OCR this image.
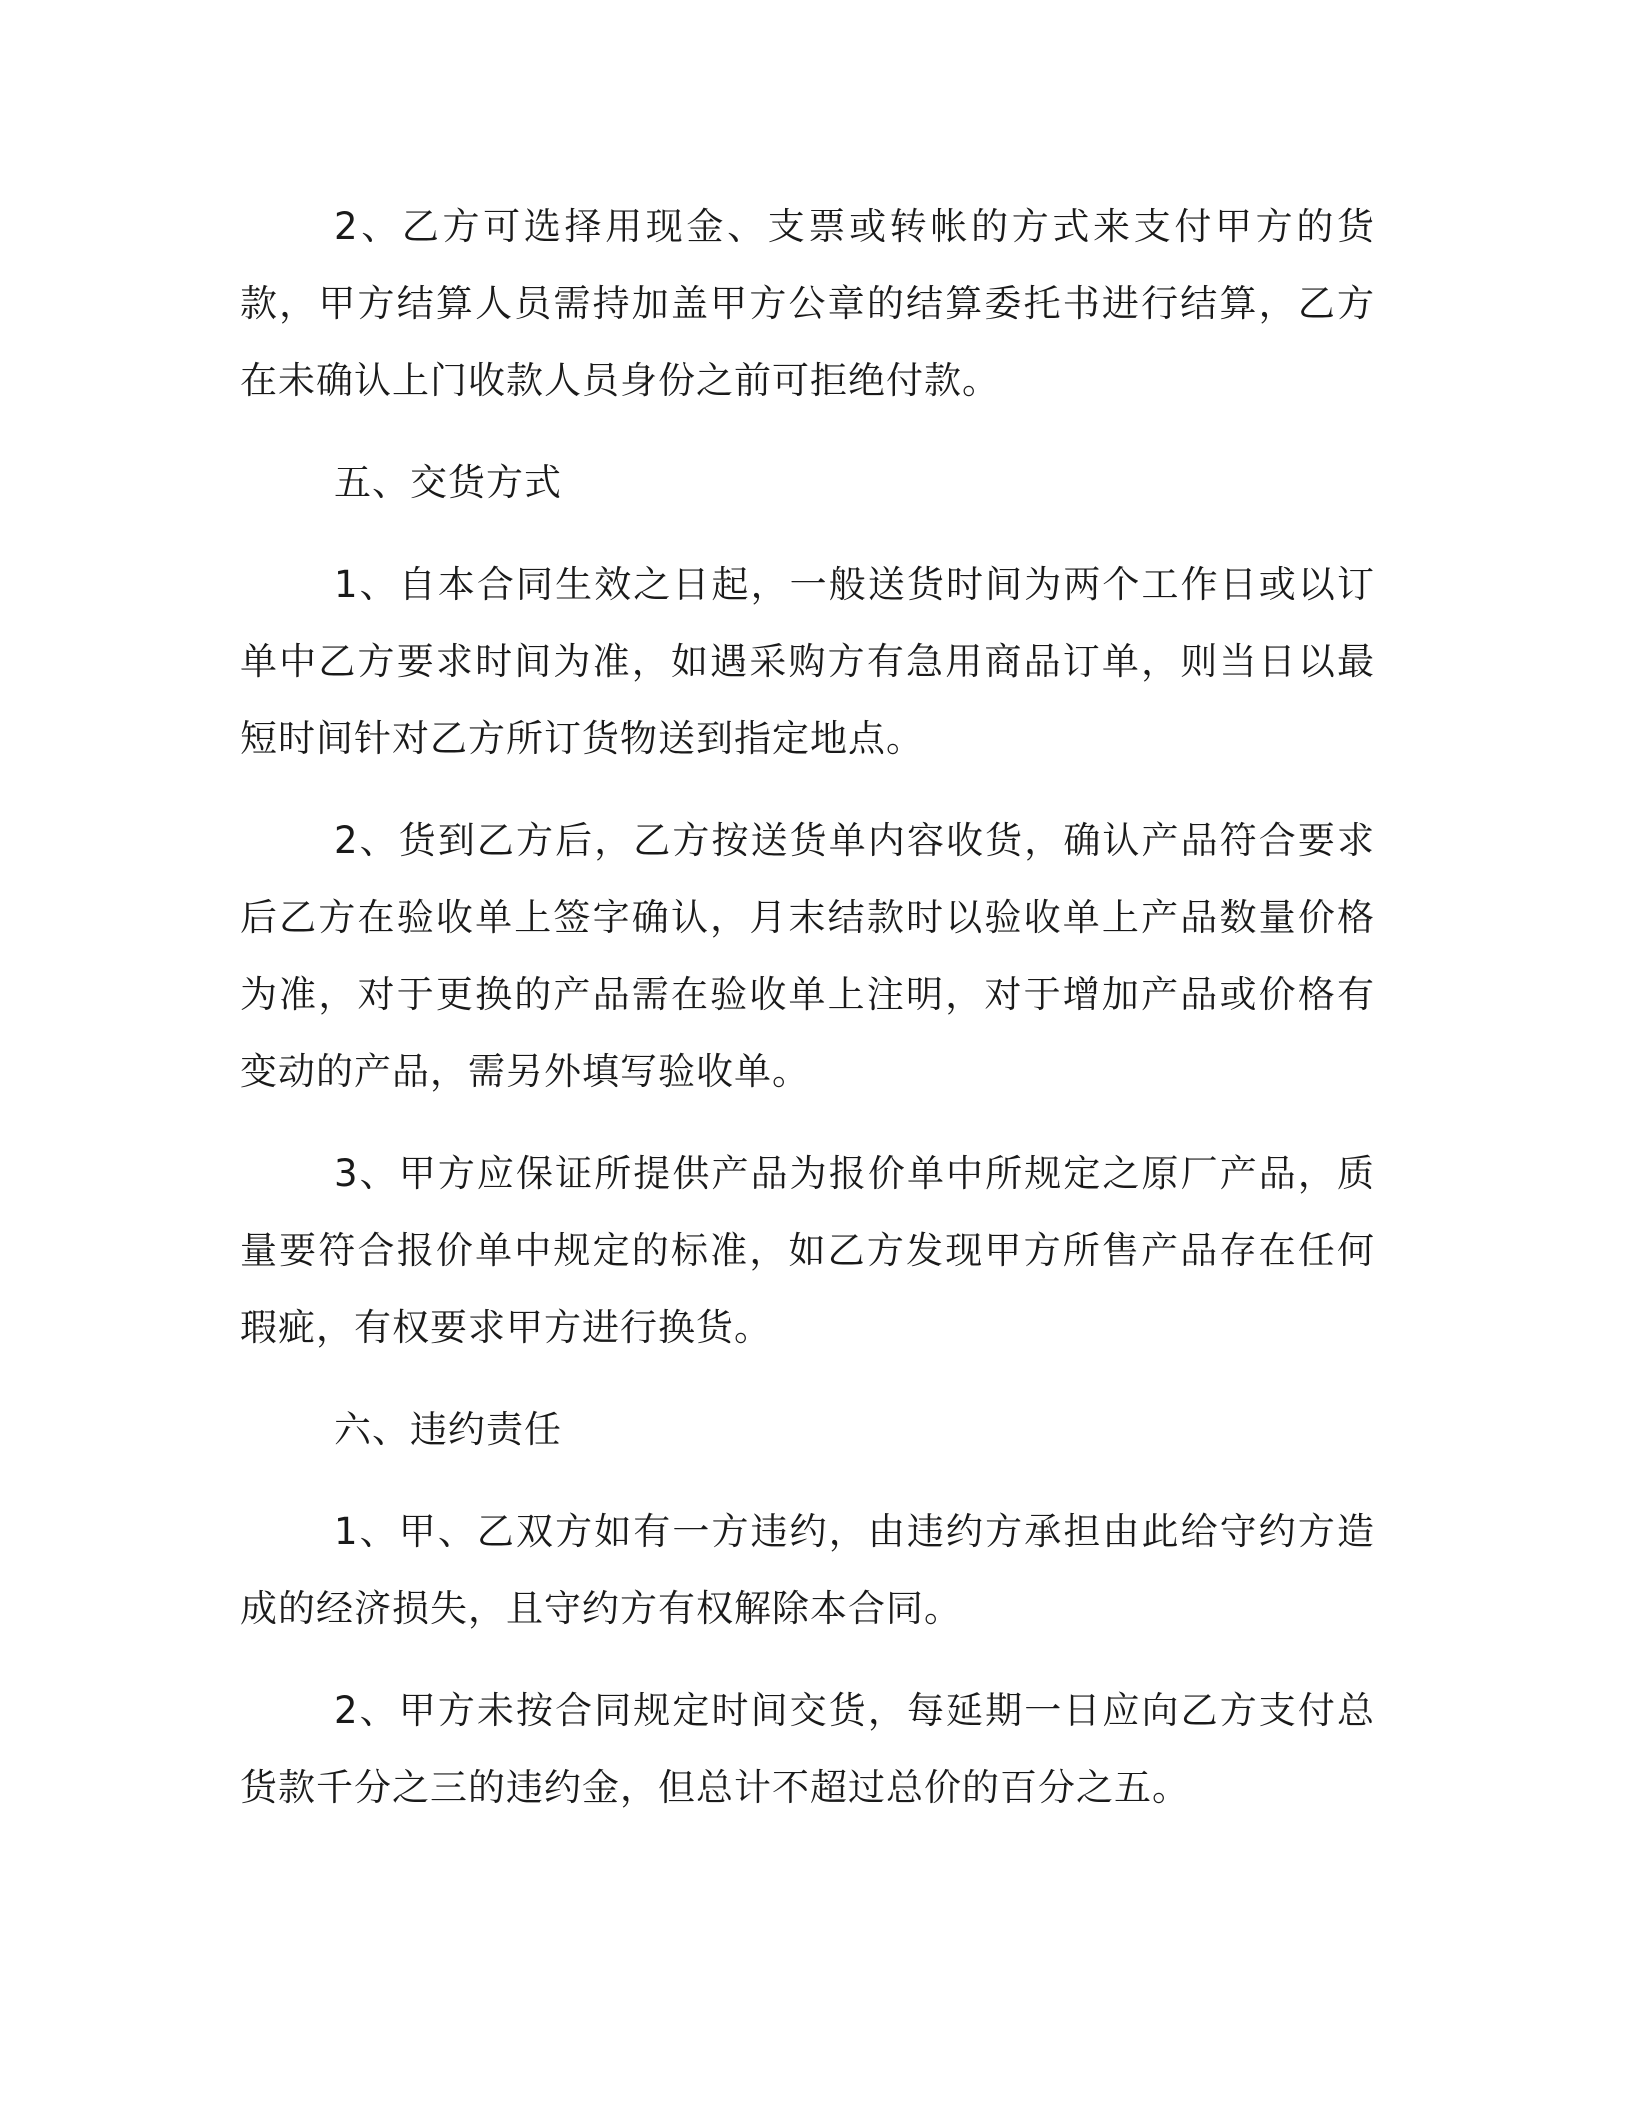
2、乙方可选择用现金、支票或转帐的方式来支付甲方的货款，甲方结算人员需持加盖甲方公章的结算委托书进行结算，乙方在未确认上门收款人员身份之前可拒绝付款。

五、交货方式

1、自本合同生效之日起，一般送货时间为两个工作日或以订单中乙方要求时间为准，如遇采购方有急用商品订单，则当日以最短时间针对乙方所订货物送到指定地点。

2、货到乙方后，乙方按送货单内容收货，确认产品符合要求后乙方在验收单上签字确认，月末结款时以验收单上产品数量价格为准，对于更换的产品需在验收单上注明，对于增加产品或价格有变动的产品，需另外填写验收单。

3、甲方应保证所提供产品为报价单中所规定之原厂产品，质量要符合报价单中规定的标准，如乙方发现甲方所售产品存在任何瑕疵，有权要求甲方进行换货。

六、违约责任

1、甲、乙双方如有一方违约，由违约方承担由此给守约方造成的经济损失，且守约方有权解除本合同。

2、甲方未按合同规定时间交货，每延期一日应向乙方支付总货款千分之三的违约金，但总计不超过总价的百分之五。
